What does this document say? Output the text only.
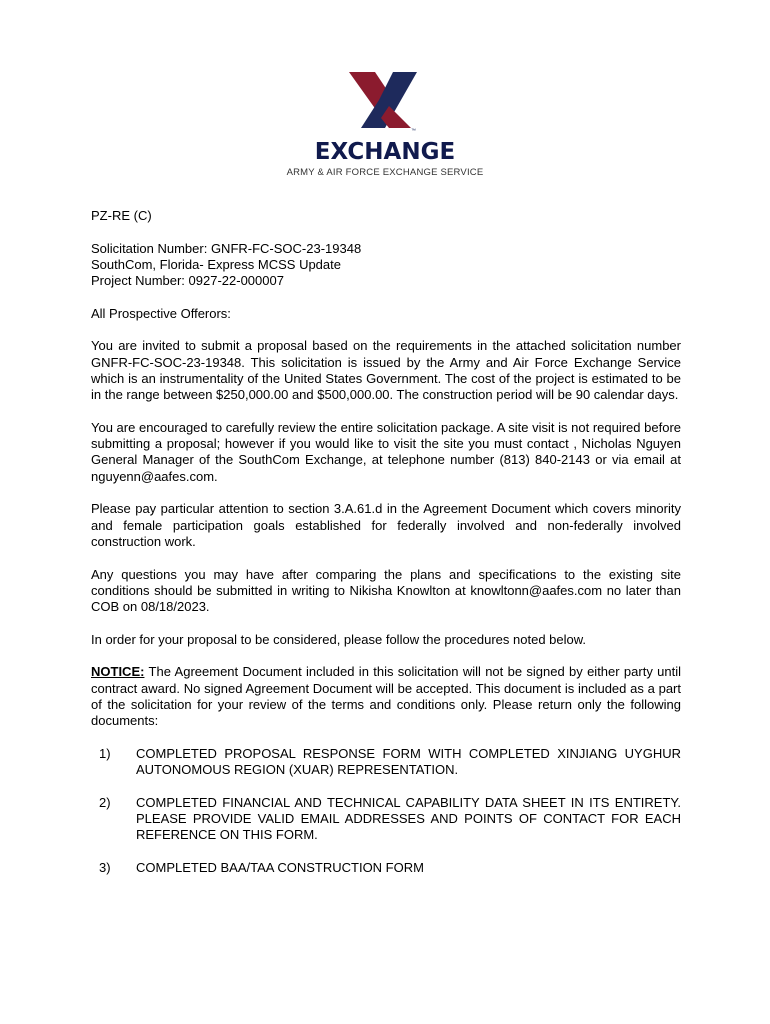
™
EXCHANGE
ARMY & AIR FORCE EXCHANGE SERVICE

PZ-RE (C)

Solicitation Number: GNFR-FC-SOC-23-19348
SouthCom, Florida- Express MCSS Update
Project Number: 0927-22-000007

All Prospective Offerors:

You are invited to submit a proposal based on the requirements in the attached solicitation number GNFR-FC-SOC-23-19348. This solicitation is issued by the Army and Air Force Exchange Service which is an instrumentality of the United States Government. The cost of the project is estimated to be in the range between $250,000.00 and $500,000.00. The construction period will be 90 calendar days.

You are encouraged to carefully review the entire solicitation package. A site visit is not required before submitting a proposal; however if you would like to visit the site you must contact , Nicholas Nguyen General Manager of the SouthCom Exchange, at telephone number (813) 840-2143 or via email at nguyenn@aafes.com.

Please pay particular attention to section 3.A.61.d in the Agreement Document which covers minority and female participation goals established for federally involved and non-federally involved construction work.

Any questions you may have after comparing the plans and specifications to the existing site conditions should be submitted in writing to Nikisha Knowlton at knowltonn@aafes.com no later than COB on 08/18/2023.

In order for your proposal to be considered, please follow the procedures noted below.

NOTICE: The Agreement Document included in this solicitation will not be signed by either party until contract award. No signed Agreement Document will be accepted. This document is included as a part of the solicitation for your review of the terms and conditions only. Please return only the following documents:

1) COMPLETED PROPOSAL RESPONSE FORM WITH COMPLETED XINJIANG UYGHUR AUTONOMOUS REGION (XUAR) REPRESENTATION.
2) COMPLETED FINANCIAL AND TECHNICAL CAPABILITY DATA SHEET IN ITS ENTIRETY. PLEASE PROVIDE VALID EMAIL ADDRESSES AND POINTS OF CONTACT FOR EACH REFERENCE ON THIS FORM.
3) COMPLETED BAA/TAA CONSTRUCTION FORM
